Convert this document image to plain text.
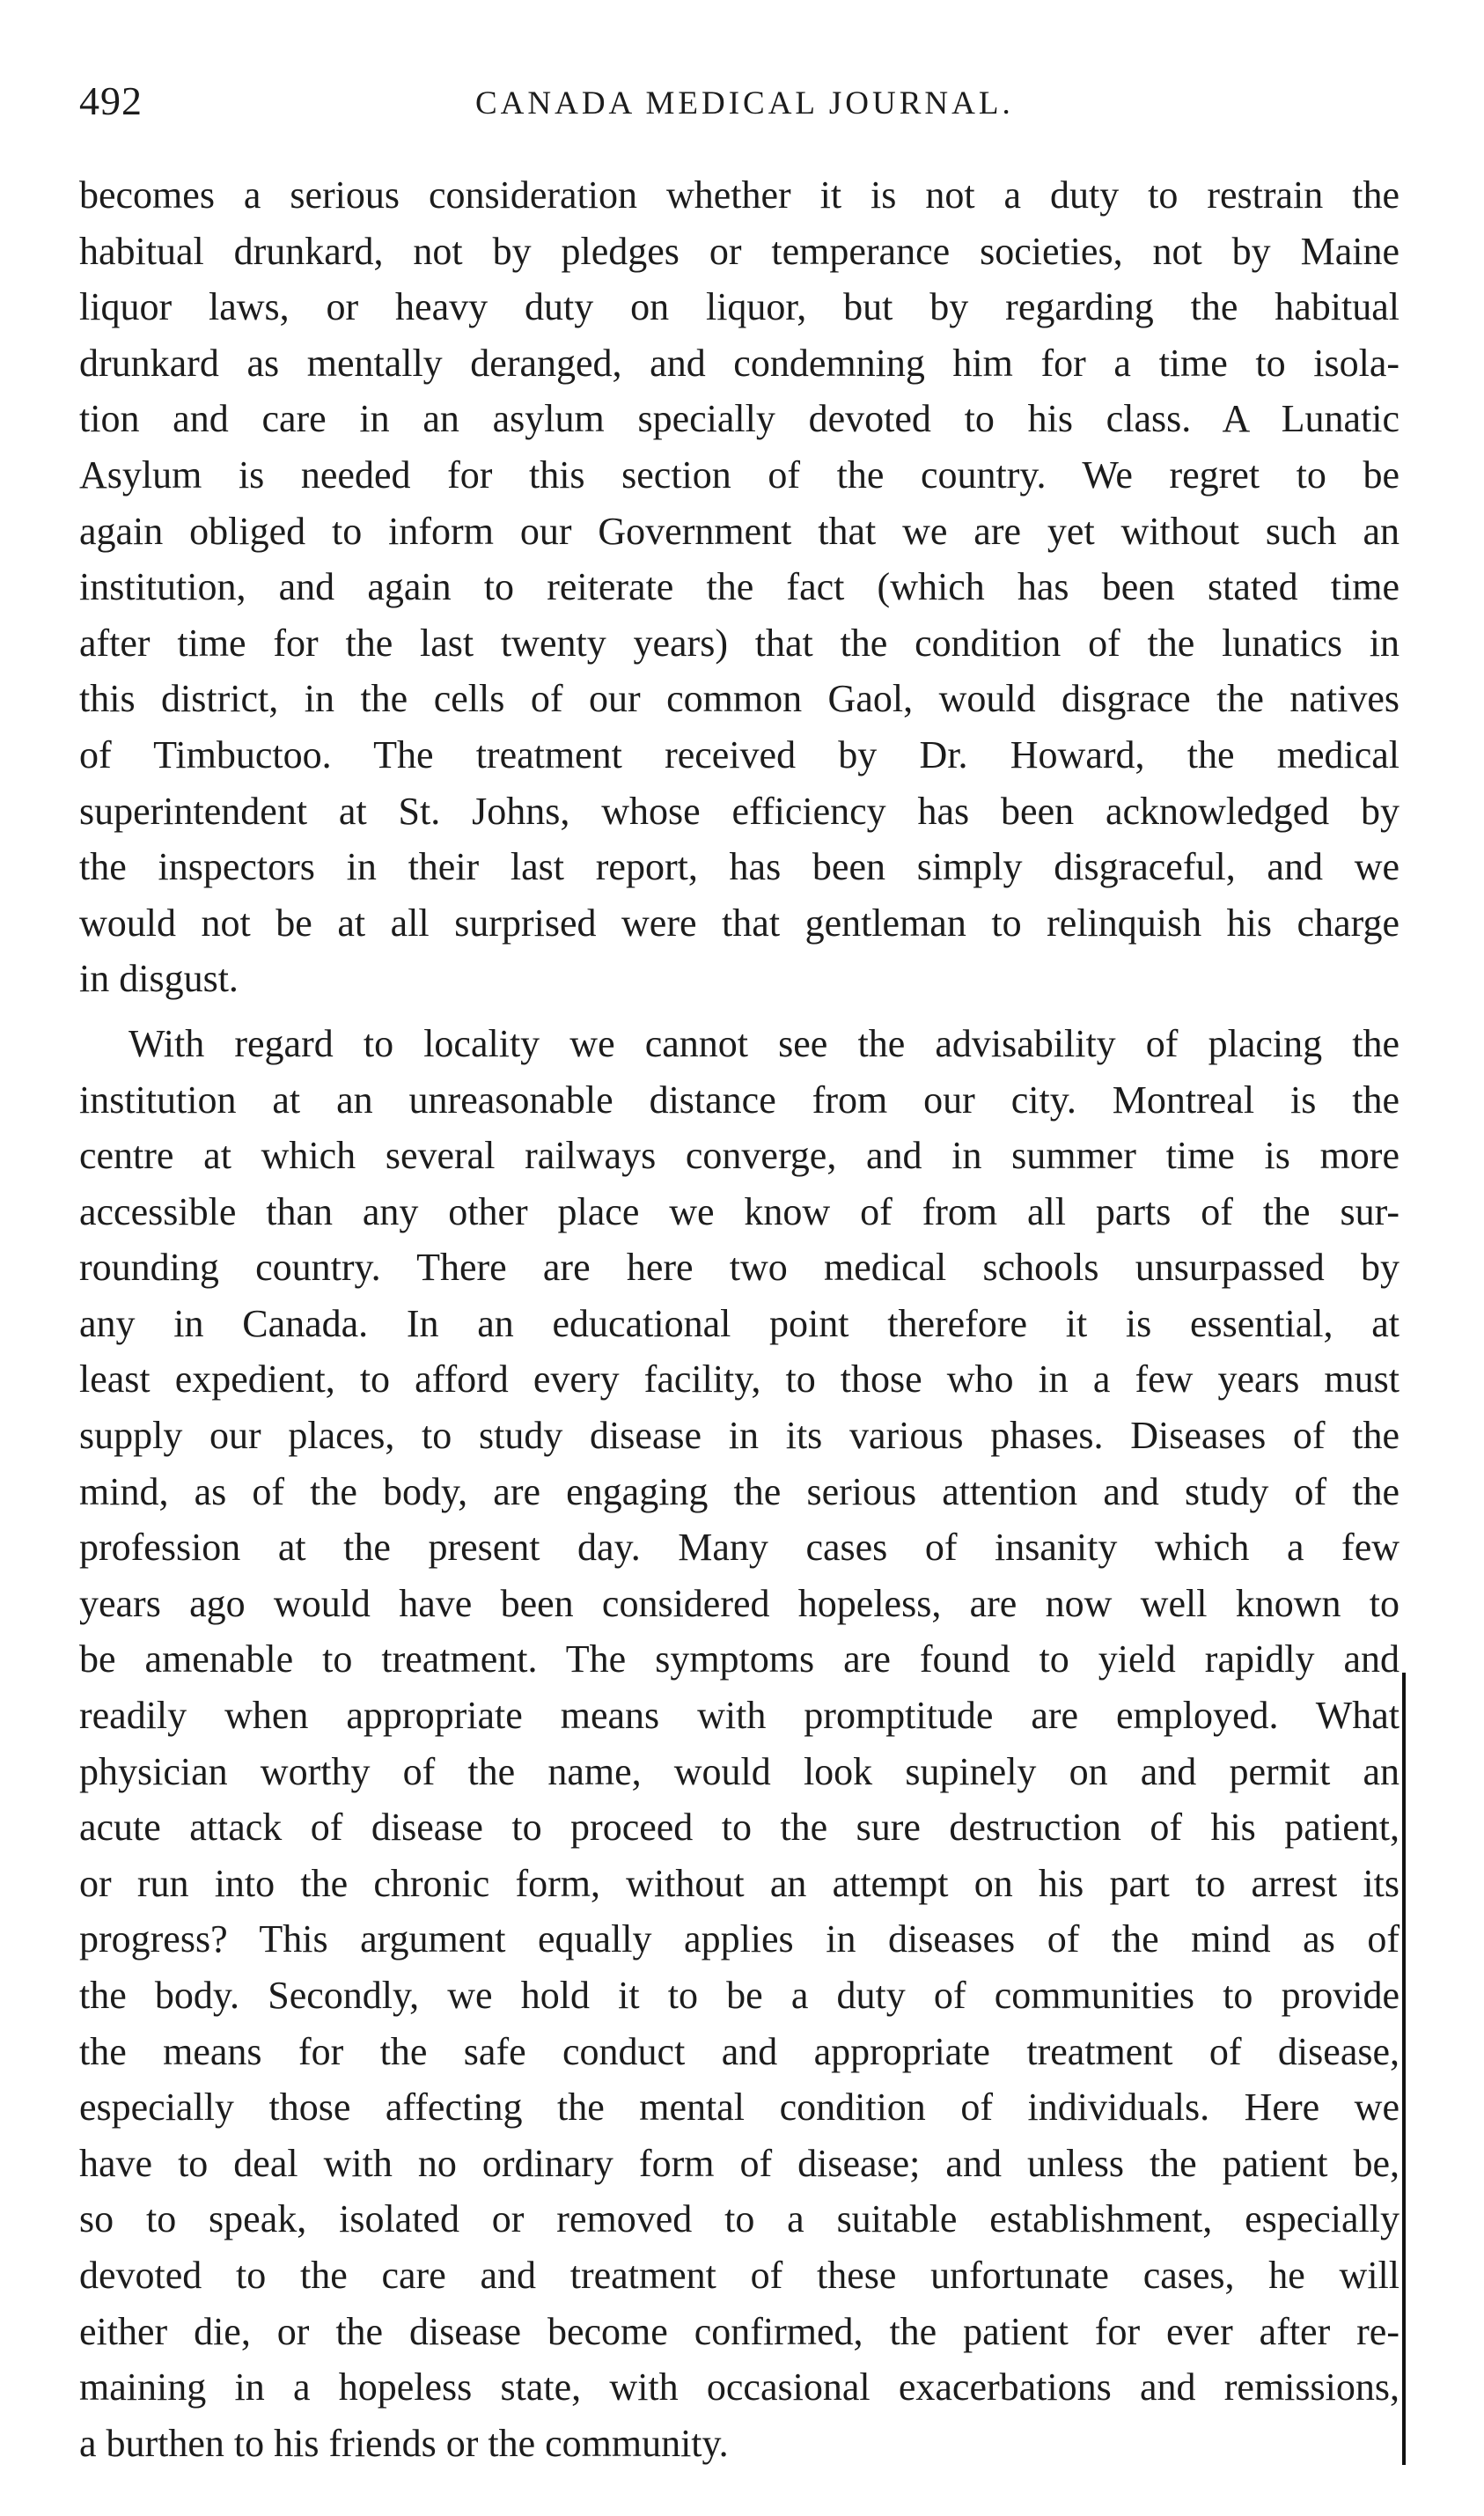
492	CANADA MEDICAL JOURNAL.
becomes a serious consideration whether it is not a duty to restrain the
habitual drunkard, not by pledges or temperance societies, not by Maine
liquor laws, or heavy duty on liquor, but by regarding the habitual
drunkard as mentally deranged, and condemning him for a time to isola-
tion and care in an asylum specially devoted to his class. A Lunatic
Asylum is needed for this section of the country. We regret to be
again obliged to inform our Government that we are yet without such an
institution, and again to reiterate the fact (which has been stated time
after time for the last twenty years) that the condition of the lunatics in
this district, in the cells of our common Gaol, would disgrace the natives
of Timbuctoo. The treatment received by Dr. Howard, the medical
superintendent at St. Johns, whose efficiency has been acknowledged by
the inspectors in their last report, has been simply disgraceful, and we
would not be at all surprised were that gentleman to relinquish his charge
in disgust.
With regard to locality we cannot see the advisability of placing the
institution at an unreasonable distance from our city. Montreal is the
centre at which several railways converge, and in summer time is more
accessible than any other place we know of from all parts of the sur-
rounding country. There are here two medical schools unsurpassed by
any in Canada. In an educational point therefore it is essential, at
least expedient, to afford every facility, to those who in a few years must
supply our places, to study disease in its various phases. Diseases of the
mind, as of the body, are engaging the serious attention and study of the
profession at the present day. Many cases of insanity which a few
years ago would have been considered hopeless, are now well known to
be amenable to treatment. The symptoms are found to yield rapidly and
readily when appropriate means with promptitude are employed. What
physician worthy of the name, would look supinely on and permit an
acute attack of disease to proceed to the sure destruction of his patient,
or run into the chronic form, without an attempt on his part to arrest its
progress? This argument equally applies in diseases of the mind as of
the body. Secondly, we hold it to be a duty of communities to provide
the means for the safe conduct and appropriate treatment of disease,
especially those affecting the mental condition of individuals. Here we
have to deal with no ordinary form of disease; and unless the patient be,
so to speak, isolated or removed to a suitable establishment, especially
devoted to the care and treatment of these unfortunate cases, he will
either die, or the disease become confirmed, the patient for ever after re-
maining in a hopeless state, with occasional exacerbations and remissions,
a burthen to his friends or the community.
